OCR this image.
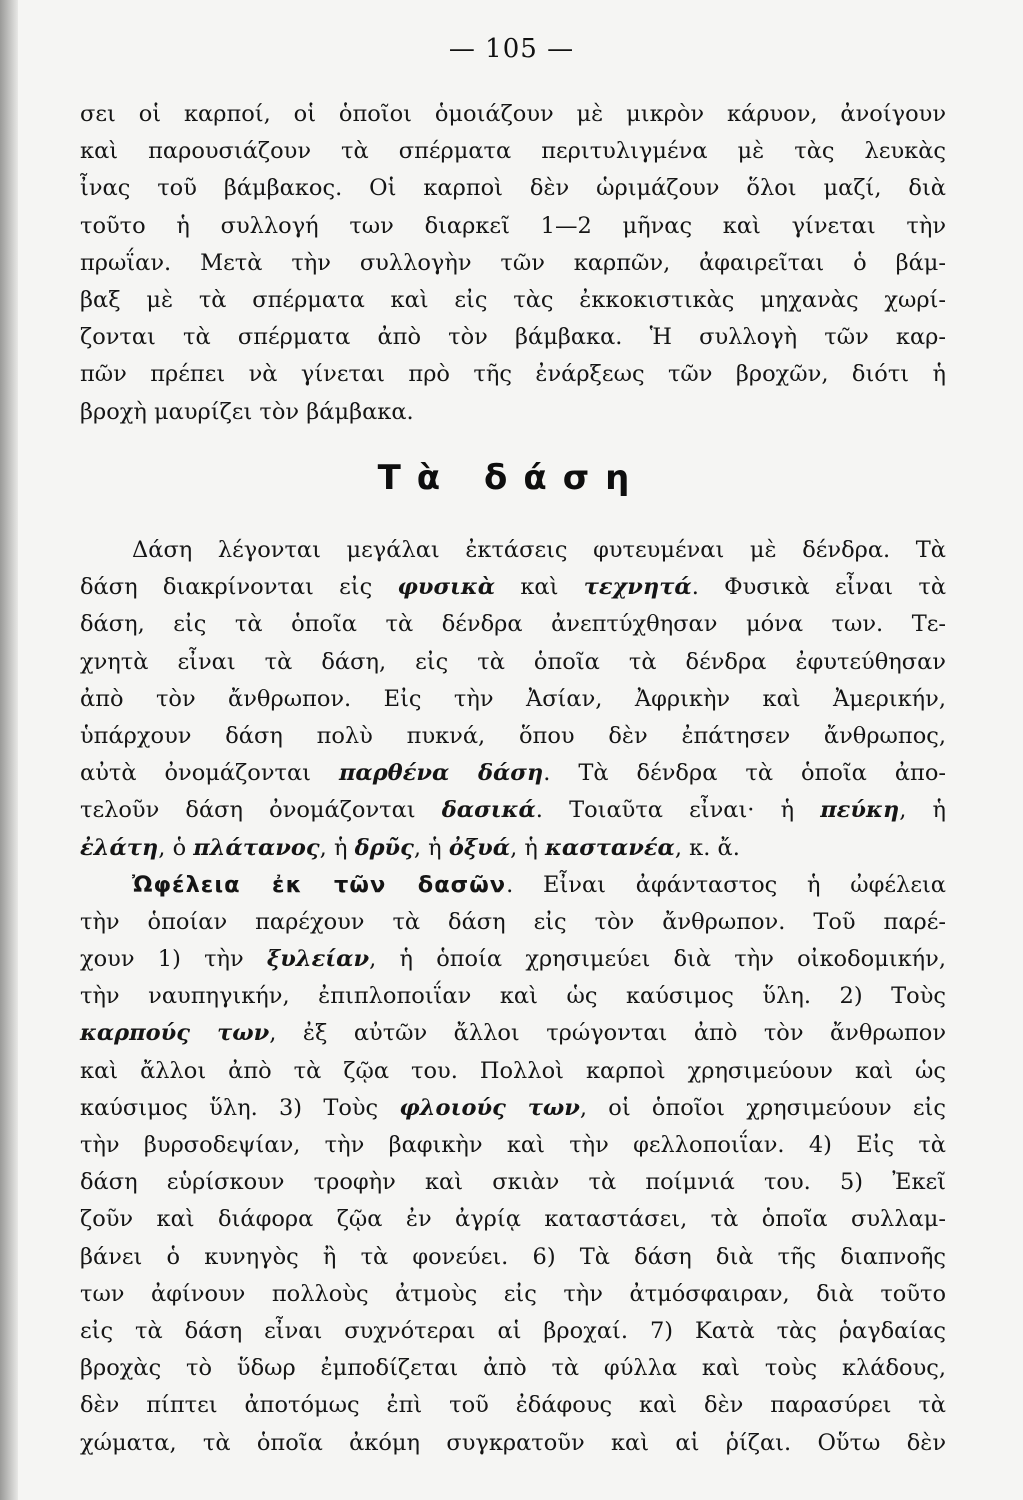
— 105 —
σει οἱ καρποί, οἱ ὁποῖοι ὁμοιάζουν μὲ μικρὸν κάρυον, ἀνοίγουν
καὶ παρουσιάζουν τὰ σπέρματα περιτυλιγμένα μὲ τὰς λευκὰς
ἶνας τοῦ βάμβακος. Οἱ καρποὶ δὲν ὡριμάζουν ὅλοι μαζί, διὰ
τοῦτο ἡ συλλογή των διαρκεῖ 1—2 μῆνας καὶ γίνεται τὴν
πρωΐαν. Μετὰ τὴν συλλογὴν τῶν καρπῶν, ἀφαιρεῖται ὁ βάμ-
βαξ μὲ τὰ σπέρματα καὶ εἰς τὰς ἐκκοκιστικὰς μηχανὰς χωρί-
ζονται τὰ σπέρματα ἀπὸ τὸν βάμβακα. Ἡ συλλογὴ τῶν καρ-
πῶν πρέπει νὰ γίνεται πρὸ τῆς ἐνάρξεως τῶν βροχῶν, διότι ἡ
βροχὴ μαυρίζει τὸν βάμβακα.
Τὰ δάση
Δάση λέγονται μεγάλαι ἐκτάσεις φυτευμέναι μὲ δένδρα. Τὰ
δάση διακρίνονται εἰς φυσικὰ καὶ τεχνητά. Φυσικὰ εἶναι τὰ
δάση, εἰς τὰ ὁποῖα τὰ δένδρα ἀνεπτύχθησαν μόνα των. Τε-
χνητὰ εἶναι τὰ δάση, εἰς τὰ ὁποῖα τὰ δένδρα ἐφυτεύθησαν
ἀπὸ τὸν ἄνθρωπον. Εἰς τὴν Ἀσίαν, Ἀφρικὴν καὶ Ἀμερικήν,
ὑπάρχουν δάση πολὺ πυκνά, ὅπου δὲν ἐπάτησεν ἄνθρωπος,
αὐτὰ ὀνομάζονται παρθένα δάση. Τὰ δένδρα τὰ ὁποῖα ἀπο-
τελοῦν δάση ὀνομάζονται δασικά. Τοιαῦτα εἶναι· ἡ πεύκη, ἡ
ἐλάτη, ὁ πλάτανος, ἡ δρῦς, ἡ ὀξυά, ἡ καστανέα, κ. ἄ.
Ὠφέλεια ἐκ τῶν δασῶν. Εἶναι ἀφάνταστος ἡ ὠφέλεια
τὴν ὁποίαν παρέχουν τὰ δάση εἰς τὸν ἄνθρωπον. Τοῦ παρέ-
χουν 1) τὴν ξυλείαν, ἡ ὁποία χρησιμεύει διὰ τὴν οἰκοδομικήν,
τὴν ναυπηγικήν, ἐπιπλοποιΐαν καὶ ὡς καύσιμος ὕλη. 2) Τοὺς
καρπούς των, ἐξ αὐτῶν ἄλλοι τρώγονται ἀπὸ τὸν ἄνθρωπον
καὶ ἄλλοι ἀπὸ τὰ ζῷα του. Πολλοὶ καρποὶ χρησιμεύουν καὶ ὡς
καύσιμος ὕλη. 3) Τοὺς φλοιούς των, οἱ ὁποῖοι χρησιμεύουν εἰς
τὴν βυρσοδεψίαν, τὴν βαφικὴν καὶ τὴν φελλοποιΐαν. 4) Εἰς τὰ
δάση εὑρίσκουν τροφὴν καὶ σκιὰν τὰ ποίμνιά του. 5) Ἐκεῖ
ζοῦν καὶ διάφορα ζῷα ἐν ἀγρίᾳ καταστάσει, τὰ ὁποῖα συλλαμ-
βάνει ὁ κυνηγὸς ἢ τὰ φονεύει. 6) Τὰ δάση διὰ τῆς διαπνοῆς
των ἀφίνουν πολλοὺς ἀτμοὺς εἰς τὴν ἀτμόσφαιραν, διὰ τοῦτο
εἰς τὰ δάση εἶναι συχνότεραι αἱ βροχαί. 7) Κατὰ τὰς ῥαγδαίας
βροχὰς τὸ ὕδωρ ἐμποδίζεται ἀπὸ τὰ φύλλα καὶ τοὺς κλάδους,
δὲν πίπτει ἀποτόμως ἐπὶ τοῦ ἐδάφους καὶ δὲν παρασύρει τὰ
χώματα, τὰ ὁποῖα ἀκόμη συγκρατοῦν καὶ αἱ ῥίζαι. Οὕτω δὲν
